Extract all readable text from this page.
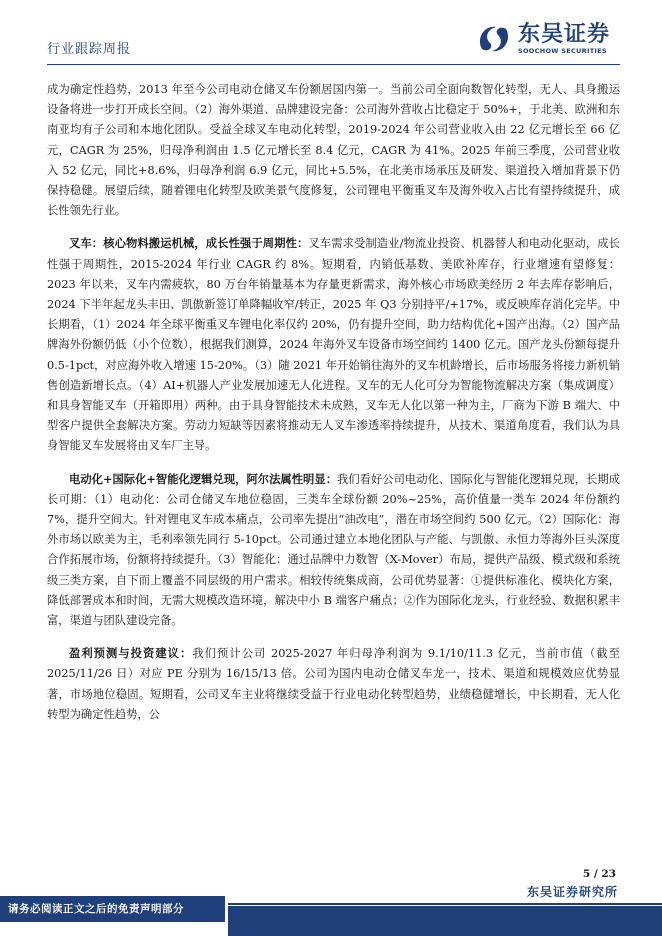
行业跟踪周报
东吴证券
SOOCHOW SECURITIES

成为确定性趋势，2013 年至今公司电动仓储叉车份额居国内第一。当前公司全面向数智化转型，无人、具身搬运设备将进一步打开成长空间。（2）海外渠道、品牌建设完备：公司海外营收占比稳定于 50%+，于北美、欧洲和东南亚均有子公司和本地化团队。受益全球叉车电动化转型，2019-2024 年公司营业收入由 22 亿元增长至 66 亿元，CAGR 为 25%，归母净利润由 1.5 亿元增长至 8.4 亿元，CAGR 为 41%。2025 年前三季度，公司营业收入 52 亿元，同比+8.6%，归母净利润 6.9 亿元，同比+5.5%，在北美市场承压及研发、渠道投入增加背景下仍保持稳健。展望后续，随着锂电化转型及欧美景气度修复，公司锂电平衡重叉车及海外收入占比有望持续提升，成长性领先行业。

叉车：核心物料搬运机械，成长性强于周期性：叉车需求受制造业/物流业投资、机器替人和电动化驱动，成长性强于周期性，2015-2024 年行业 CAGR 约 8%。短期看，内销低基数、美欧补库存，行业增速有望修复：2023 年以来，叉车内需疲软，80 万台年销量基本为存量更新需求，海外核心市场欧美经历 2 年去库存影响后，2024 下半年起龙头丰田、凯傲新签订单降幅收窄/转正，2025 年 Q3 分别持平/+17%，或反映库存消化完毕。中长期看，（1）2024 年全球平衡重叉车锂电化率仅约 20%，仍有提升空间，助力结构优化+国产出海。（2）国产品牌海外份额仍低（小个位数），根据我们测算，2024 年海外叉车设备市场空间约 1400 亿元。国产龙头份额每提升 0.5-1pct，对应海外收入增速 15-20%。（3）随 2021 年开始销往海外的叉车机龄增长，后市场服务将接力新机销售创造新增长点。（4）AI+机器人产业发展加速无人化进程。叉车的无人化可分为智能物流解决方案（集成调度）和具身智能叉车（开箱即用）两种。由于具身智能技术未成熟，叉车无人化以第一种为主，厂商为下游 B 端大、中型客户提供全套解决方案。劳动力短缺等因素将推动无人叉车渗透率持续提升，从技术、渠道角度看，我们认为具身智能叉车发展将由叉车厂主导。

电动化+国际化+智能化逻辑兑现，阿尔法属性明显：我们看好公司电动化、国际化与智能化逻辑兑现，长期成长可期：（1）电动化：公司仓储叉车地位稳固，三类车全球份额 20%~25%，高价值量一类车 2024 年份额约 7%，提升空间大。针对锂电叉车成本痛点，公司率先提出“油改电”，潜在市场空间约 500 亿元。（2）国际化：海外市场以欧美为主，毛利率领先同行 5-10pct。公司通过建立本地化团队与产能、与凯傲、永恒力等海外巨头深度合作拓展市场，份额将持续提升。（3）智能化：通过品牌中力数智（X-Mover）布局，提供产品级、模式级和系统级三类方案，自下而上覆盖不同层级的用户需求。相较传统集成商，公司优势显著：①提供标准化、模块化方案，降低部署成本和时间，无需大规模改造环境，解决中小 B 端客户痛点；②作为国际化龙头，行业经验、数据积累丰富，渠道与团队建设完备。

盈利预测与投资建议：我们预计公司 2025-2027 年归母净利润为 9.1/10/11.3 亿元，当前市值（截至 2025/11/26 日）对应 PE 分别为 16/15/13 倍。公司为国内电动仓储叉车龙一，技术、渠道和规模效应优势显著，市场地位稳固。短期看，公司叉车主业将继续受益于行业电动化转型趋势，业绩稳健增长，中长期看，无人化转型为确定性趋势，公

5 / 23
东吴证券研究所
请务必阅读正文之后的免责声明部分
